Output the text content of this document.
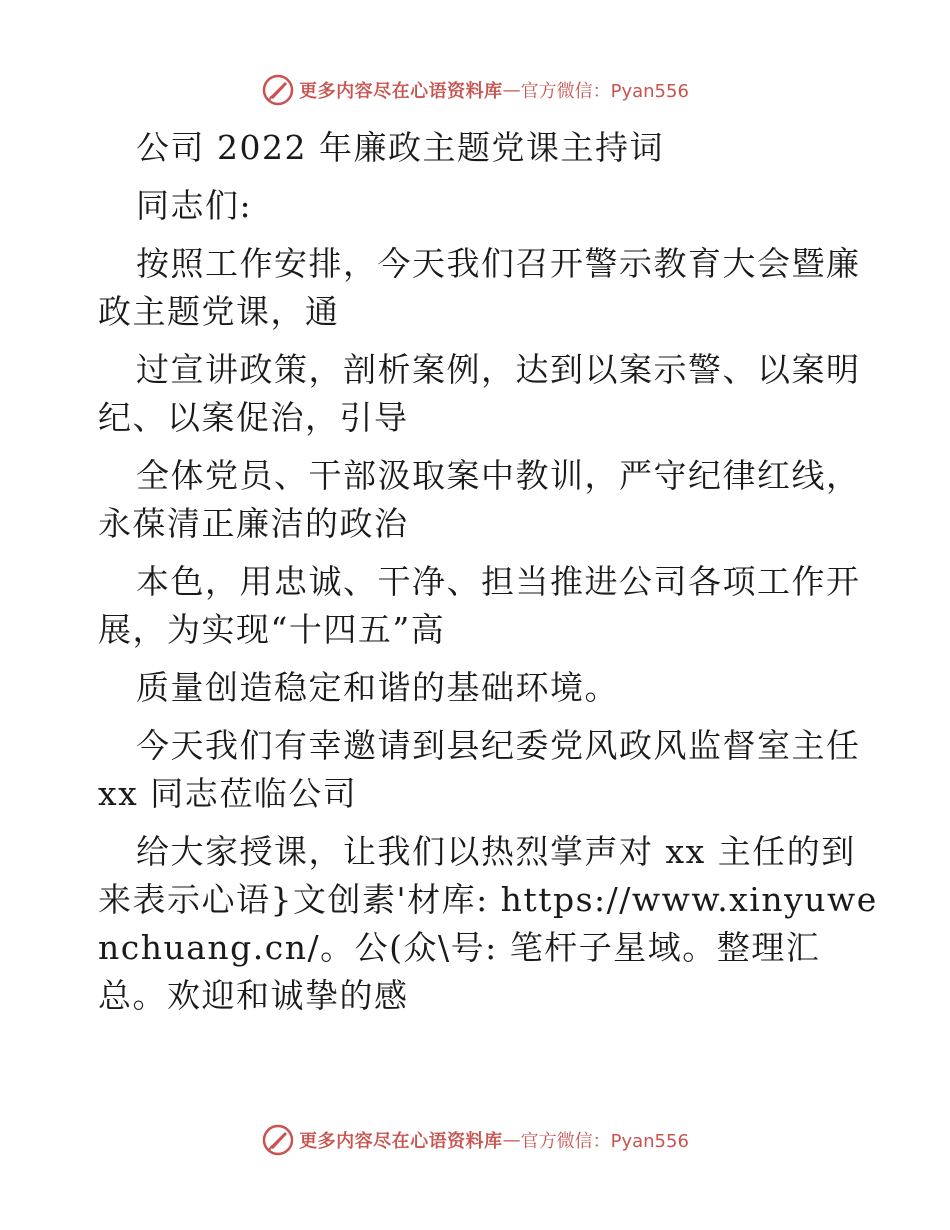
更多内容尽在心语资料库 — 官方微信：Pyan556

公司 2022 年廉政主题党课主持词

同志们:

按照工作安排，今天我们召开警示教育大会暨廉政主题党课，通

过宣讲政策，剖析案例，达到以案示警、以案明纪、以案促治，引导

全体党员、干部汲取案中教训，严守纪律红线，永葆清正廉洁的政治

本色，用忠诚、干净、担当推进公司各项工作开展，为实现“十四五”高

质量创造稳定和谐的基础环境。

今天我们有幸邀请到县纪委党风政风监督室主任 xx 同志莅临公司

给大家授课，让我们以热烈掌声对 xx 主任的到来表示心语}文创素'材库: https://www.xinyuwenchuang.cn/。公(众\号: 笔杆子星域。整理汇总。欢迎和诚挚的感

更多内容尽在心语资料库 — 官方微信：Pyan556
